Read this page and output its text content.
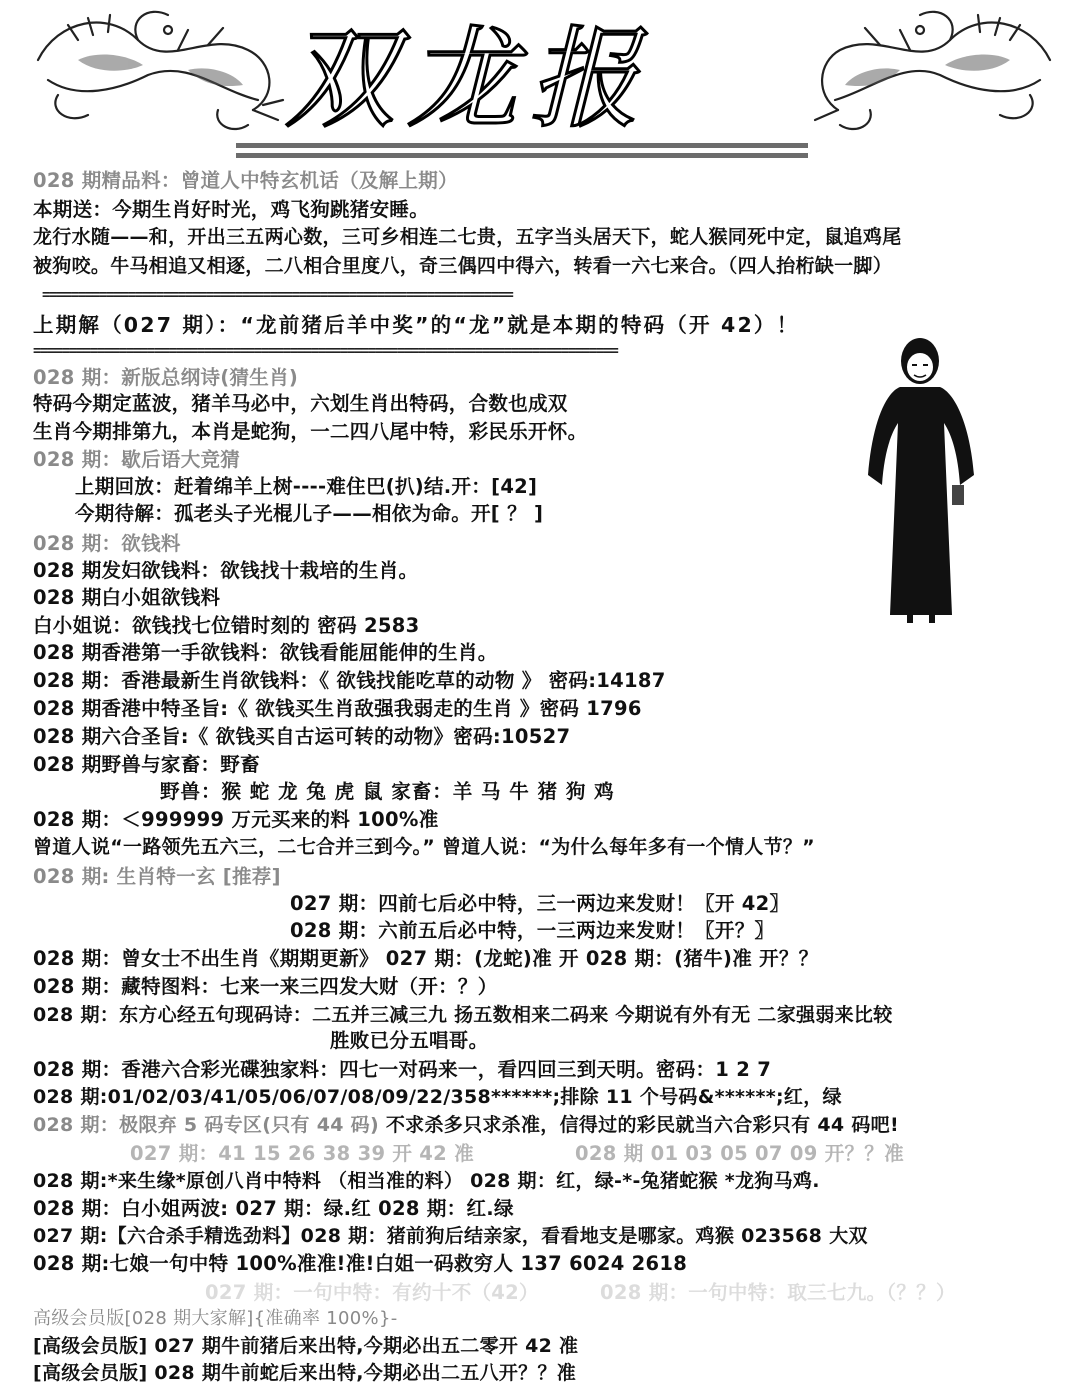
双龙报
028 期精品料：曾道人中特玄机话（及解上期）
本期送：今期生肖好时光，鸡飞狗跳猪安睡。
龙行水随——和，开出三五两心数，三可乡相连二七贵，五字当头居天下，蛇人猴同死中定，鼠追鸡尾
被狗咬。牛马相追又相逐，二八相合里度八，奇三偶四中得六，转看一六七来合。（四人抬桁缺一脚）
==================================================================
上期解（027 期）：“龙前猪后羊中奖”的“龙”就是本期的特码（开 42）！
==================================================================================
028 期：新版总纲诗(猜生肖)
特码今期定蓝波，猪羊马必中，六划生肖出特码，合数也成双
生肖今期排第九，本肖是蛇狗，一二四八尾中特，彩民乐开怀。
028 期：歇后语大竞猜
上期回放：赶着绵羊上树----难住巴(扒)结.开：[42]
今期待解：孤老头子光棍儿子——相依为命。开[ ？ ]
028 期：欲钱料
028 期发妇欲钱料：欲钱找十栽培的生肖。
028 期白小姐欲钱料
白小姐说：欲钱找七位错时刻的 密码 2583
028 期香港第一手欲钱料：欲钱看能屈能伸的生肖。
028 期：香港最新生肖欲钱料：《 欲钱找能吃草的动物 》 密码:14187
028 期香港中特圣旨:《 欲钱买生肖敌强我弱走的生肖 》密码 1796
028 期六合圣旨:《 欲钱买自古运可转的动物》密码:10527
028 期野兽与家畜：野畜
野兽：猴 蛇 龙 兔 虎 鼠 家畜：羊 马 牛 猪 狗 鸡
028 期：＜999999 万元买来的料 100%准
曾道人说“一路领先五六三，二七合并三到今。” 曾道人说：“为什么每年多有一个情人节？”
028 期: 生肖特一玄 [推荐]
027 期：四前七后必中特，三一两边来发财！〖开 42〗
028 期：六前五后必中特，一三两边来发财！〖开？〗
028 期：曾女士不出生肖《期期更新》 027 期：(龙蛇)准 开 028 期：(猪牛)准 开？？
028 期：藏特图料：七来一来三四发大财（开：？）
028 期：东方心经五句现码诗：二五并三减三九 扬五数相来二码来 今期说有外有无 二家强弱来比较
胜败已分五唱哥。
028 期：香港六合彩光碟独家料：四七一对码来一，看四回三到天明。密码：1 2 7
028 期:01/02/03/41/05/06/07/08/09/22/358******;排除 11 个号码&******;红，绿
028 期：极限弃 5 码专区(只有 44 码) 不求杀多只求杀准，信得过的彩民就当六合彩只有 44 码吧!
027 期：41 15 26 38 39 开 42 准	028 期 01 03 05 07 09 开？？准
028 期:*来生缘*原创八肖中特料 （相当准的料） 028 期：红，绿-*-兔猪蛇猴 *龙狗马鸡.
028 期：白小姐两波: 027 期：绿.红 028 期：红.绿
027 期:【六合杀手精选劲料】028 期：猪前狗后结亲家，看看地支是哪家。鸡猴 023568 大双
028 期:七娘一句中特 100%准准!准!白姐一码救穷人 137 6024 2618
027 期：一句中特：有约十不（42）	028 期：一句中特：取三七九。（？？）
高级会员版[028 期大家解]{准确率 100%}-
[高级会员版] 027 期牛前猪后来出特,今期必出五二零开 42 准
[高级会员版] 028 期牛前蛇后来出特,今期必出二五八开？？准
